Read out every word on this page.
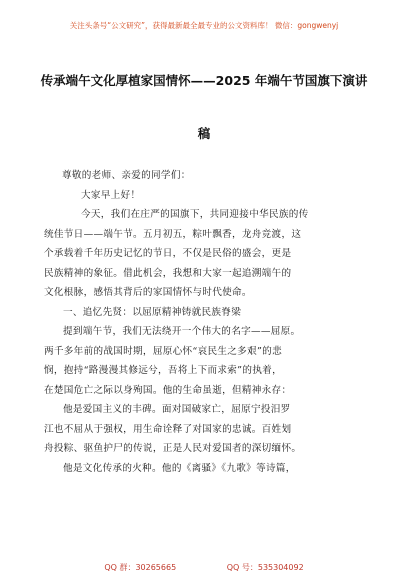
关注头条号“公文研究”，获得最新最全最专业的公文资料库！ 微信：gongwenyj
传承端午文化厚植家国情怀——2025 年端午节国旗下演讲
稿

尊敬的老师、亲爱的同学们：

大家早上好！

今天，我们在庄严的国旗下，共同迎接中华民族的传

统佳节日——端午节。五月初五，粽叶飘香，龙舟竞渡，这

个承载着千年历史记忆的节日，不仅是民俗的盛会，更是

民族精神的象征。借此机会，我想和大家一起追溯端午的

文化根脉，感悟其背后的家国情怀与时代使命。

一、追忆先贤：以屈原精神铸就民族脊梁

提到端午节，我们无法绕开一个伟大的名字——屈原。

两千多年前的战国时期，屈原心怀“哀民生之多艰”的悲

悯，抱持“路漫漫其修远兮，吾将上下而求索”的执着，

在楚国危亡之际以身殉国。他的生命虽逝，但精神永存：

他是爱国主义的丰碑。面对国破家亡，屈原宁投汨罗

江也不屈从于强权，用生命诠释了对国家的忠诚。百姓划

舟投粽、驱鱼护尸的传说，正是人民对爱国者的深切缅怀。

他是文化传承的火种。他的《离骚》《九歌》等诗篇，

QQ 群：30265665	QQ 号：535304092
